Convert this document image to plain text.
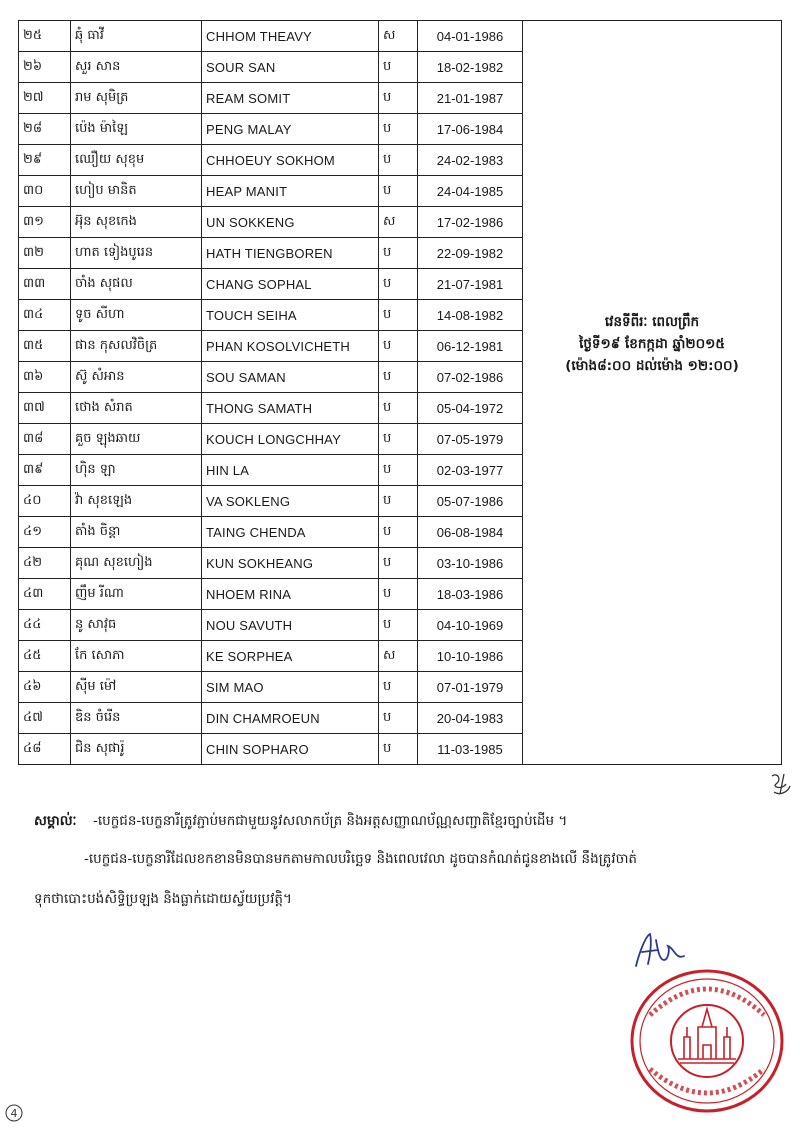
២៥	ឆុំ ធាវី	CHHOM THEAVY	ស	04-01-1986	វេនទីពីរៈ ពេលព្រឹក
ថ្ងៃទី១៩ ខែកក្កដា ឆ្នាំ២០១៥
(ម៉ោង៨:០០ ដល់ម៉ោង ១២:០០)

២៦	សួរ សាន	SOUR SAN	ប	18-02-1982	
២៧	រាម សុមិត្រ	REAM SOMIT	ប	21-01-1987	
២៨	ប៉េង ម៉ាឡៃ	PENG MALAY	ប	17-06-1984	
២៩	ឈឿយ សុខុម	CHHOEUY SOKHOM	ប	24-02-1983	
៣០	ហៀប មានិត	HEAP MANIT	ប	24-04-1985	
៣១	អ៊ុន សុខកេង	UN SOKKENG	ស	17-02-1986	
៣២	ហាត ទៀងបូរេន	HATH TIENGBOREN	ប	22-09-1982	
៣៣	ចាំង សុផល	CHANG SOPHAL	ប	21-07-1981	
៣៤	ទូច សីហា	TOUCH SEIHA	ប	14-08-1982	
៣៥	ផាន កុសលវិចិត្រ	PHAN KOSOLVICHETH	ប	06-12-1981	
៣៦	ស៊ូ សំអាន	SOU SAMAN	ប	07-02-1986	
៣៧	ថោង សំរាត	THONG SAMATH	ប	05-04-1972	
៣៨	គួច ឡុងឆាយ	KOUCH LONGCHHAY	ប	07-05-1979	
៣៩	ហ៊ិន ឡា	HIN LA	ប	02-03-1977	
៤០	វ៉ា សុខឡេង	VA SOKLENG	ប	05-07-1986	
៤១	តាំង ចិន្តា	TAING CHENDA	ប	06-08-1984	
៤២	គុណ សុខហៀង	KUN SOKHEANG	ប	03-10-1986	
៤៣	ញឹម រីណា	NHOEM RINA	ប	18-03-1986	
៤៤	នូ សាវុធ	NOU SAVUTH	ប	04-10-1969	
៤៥	កែ សោភា	KE SORPHEA	ស	10-10-1986	
៤៦	ស៊ីម ម៉ៅ	SIM MAO	ប	07-01-1979	
៤៧	ឌិន ចំរើន	DIN CHAMROEUN	ប	20-04-1983	
៤៨	ជិន សុផារ៉ូ	CHIN SOPHARO	ប	11-03-1985	
សម្គាល់ៈ -បេក្ខជន-បេក្ខនារីត្រូវភ្ជាប់មកជាមួយនូវសលាកប័ត្រ និងអត្តសញ្ញាណប័ណ្ណសញ្ជាតិខ្មែរច្បាប់ដើម ។
-បេក្ខជន-បេក្ខនារីដែលខកខានមិនបានមកតាមកាលបរិច្ឆេទ និងពេលវេលា ដូចបានកំណត់ជូនខាងលើ នឹងត្រូវចាត់
ទុកថាបោះបង់សិទ្ធិប្រឡង និងធ្លាក់ដោយស្វ័យប្រវត្តិ។
4
